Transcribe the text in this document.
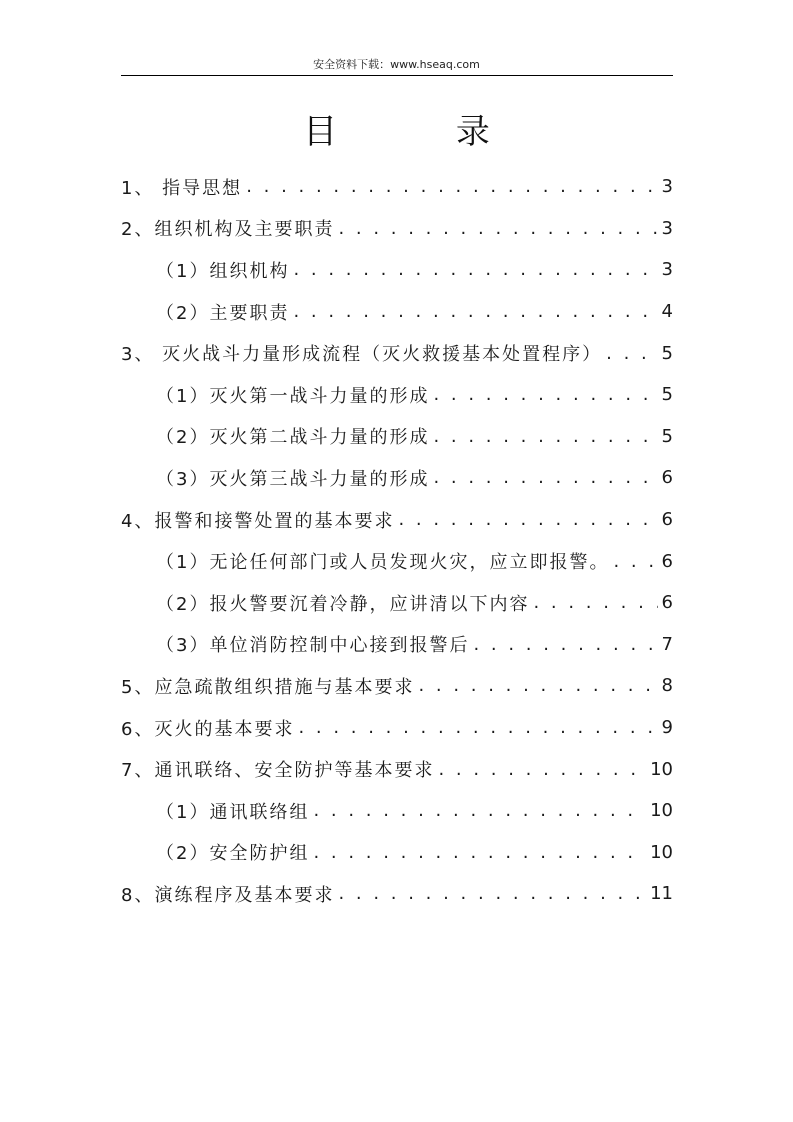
安全资料下载：www.hseaq.com
目 录
1、 指导思想 . . .	3
2、组织机构及主要职责 . . .	3
（1）组织机构 . . .	3
（2）主要职责 . . .	4
3、 灭火战斗力量形成流程（灭火救援基本处置程序） . . .	5
（1）灭火第一战斗力量的形成 . . .	5
（2）灭火第二战斗力量的形成 . . .	5
（3）灭火第三战斗力量的形成 . . .	6
4、报警和接警处置的基本要求 . . .	6
（1）无论任何部门或人员发现火灾，应立即报警。 . . .	6
（2）报火警要沉着冷静，应讲清以下内容 . . .	6
（3）单位消防控制中心接到报警后 . . .	7
5、应急疏散组织措施与基本要求 . . .	8
6、灭火的基本要求 . . .	9
7、通讯联络、安全防护等基本要求 . . .	10
（1）通讯联络组 . . .	10
（2）安全防护组 . . .	10
8、演练程序及基本要求 . . .	11
